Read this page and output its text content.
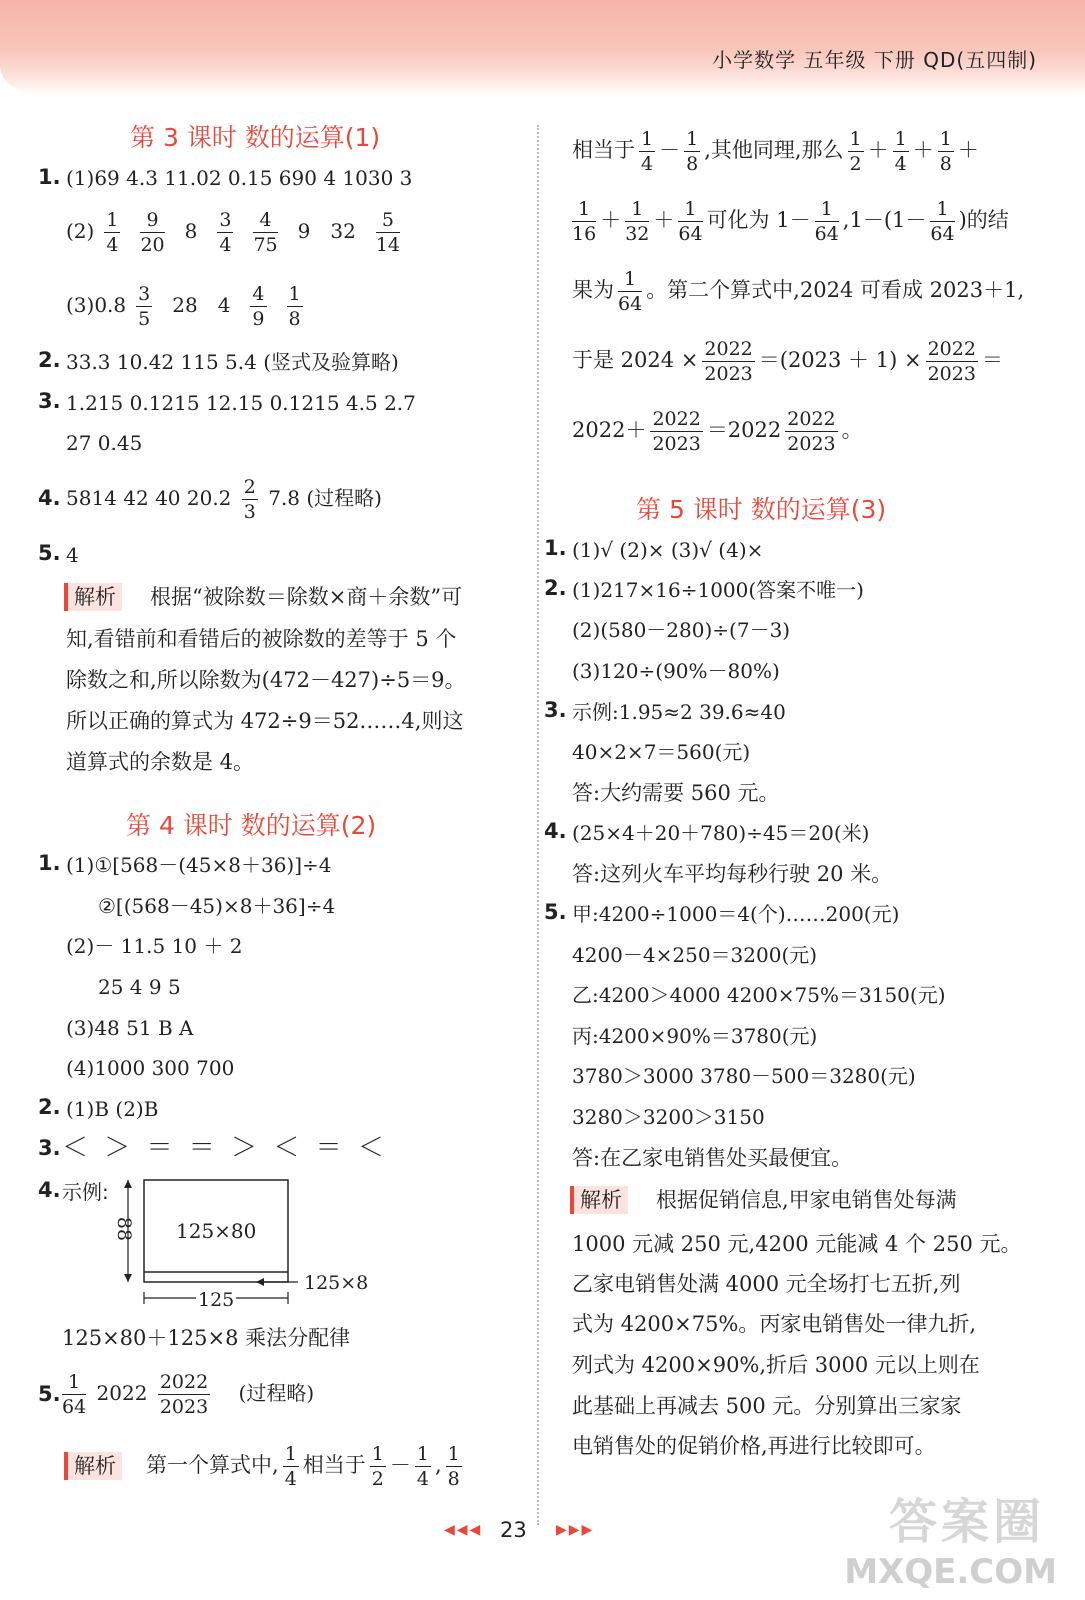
小学数学 五年级 下册 QD(五四制)
第 3 课时 数的运算(1)
1. (1)69 4.3 11.02 0.15 690 4 1030 3
$(2) \frac{1}{4} \frac{9}{20} 8 \frac{3}{4} \frac{4}{75} 9$ $32 \frac{5}{14}$
$(3)0.8 \frac{3}{5} 28$ $4 \frac{4}{9} \frac{1}{8}$
2. 33.3 10.42 115 5.4 (竖式及验算略)
3. 1.215 0.1215 12.15 0.1215 4.5 2.7
27 0.45
4. 5814 42 40 $20.2 \frac{2}{3} 7.8$ (过程略)
5. 4
解析 根据“被除数＝除数×商＋余数”可
知,看错前和看错后的被除数的差等于 5 个
除数之和,所以除数为(472－427)÷5＝9。
所以正确的算式为 472÷9＝52……4,则这
道算式的余数是 4。
第 4 课时 数的运算(2)
1. (1)①[568－(45×8＋36)]÷4
②[(568－45)×8＋36]÷4
(2)－ 11.5 10 ＋ 2
25 4 9 5
(3)48 51 B A
(4)1000 300 700
2. (1)B (2)B
3. ＜ ＞ ＝ ＝ ＞ ＜ ＝ ＜
4. 示例:
88 125×80
125×8
125
125×80＋125×8 乘法分配律
5. $\frac{1}{64} 2022 \frac{2022}{2023}$ (过程略)
解析 第一个算式中, $\frac{1}{4}$ 相当于 $\frac{1}{2} - \frac{1}{4}$ , $\frac{1}{8}$
相当于 $\frac{1}{4} - \frac{1}{8}$ ,其他同理,那么 $\frac{1}{2} + \frac{1}{4} + \frac{1}{8}$ ＋
$\frac{1}{16} + \frac{1}{32} + \frac{1}{64}$ 可化为 $1- \frac{1}{64} ,1-(1- \frac{1}{64}$ )的结
果为 $\frac{1}{64}$ 。第二个算式中,2024 可看成 2023＋1,
于是 $2024 \times \frac{2022}{2023} =(2023 + 1) \times \frac{2022}{2023}$ ＝
$2022+ \frac{2022}{2023} =2022 \frac{2022}{2023}$ 。
第 5 课时 数的运算(3)
1. (1)√ (2)× (3)√ (4)×
2. (1)217×16÷1000(答案不唯一)
(2)(580－280)÷(7－3)
(3)120÷(90%－80%)
3. 示例:1.95≈2 39.6≈40
40×2×7＝560(元)
答:大约需要 560 元。
4. (25×4＋20＋780)÷45＝20(米)
答:这列火车平均每秒行驶 20 米。
5. 甲:4200÷1000＝4(个)……200(元)
4200－4×250＝3200(元)
乙:4200＞4000 4200×75%＝3150(元)
丙:4200×90%＝3780(元)
3780＞3000 3780－500＝3280(元)
3280＞3200＞3150
答:在乙家电销售处买最便宜。
解析 根据促销信息,甲家电销售处每满
1000 元减 250 元,4200 元能减 4 个 250 元。
乙家电销售处满 4000 元全场打七五折,列
式为 4200×75%。丙家电销售处一律九折,
列式为 4200×90%,折后 3000 元以上则在
此基础上再减去 500 元。分别算出三家家
电销售处的促销价格,再进行比较即可。
◀◀◀ 23 ▶▶▶	答案圈
MXQE.COM
